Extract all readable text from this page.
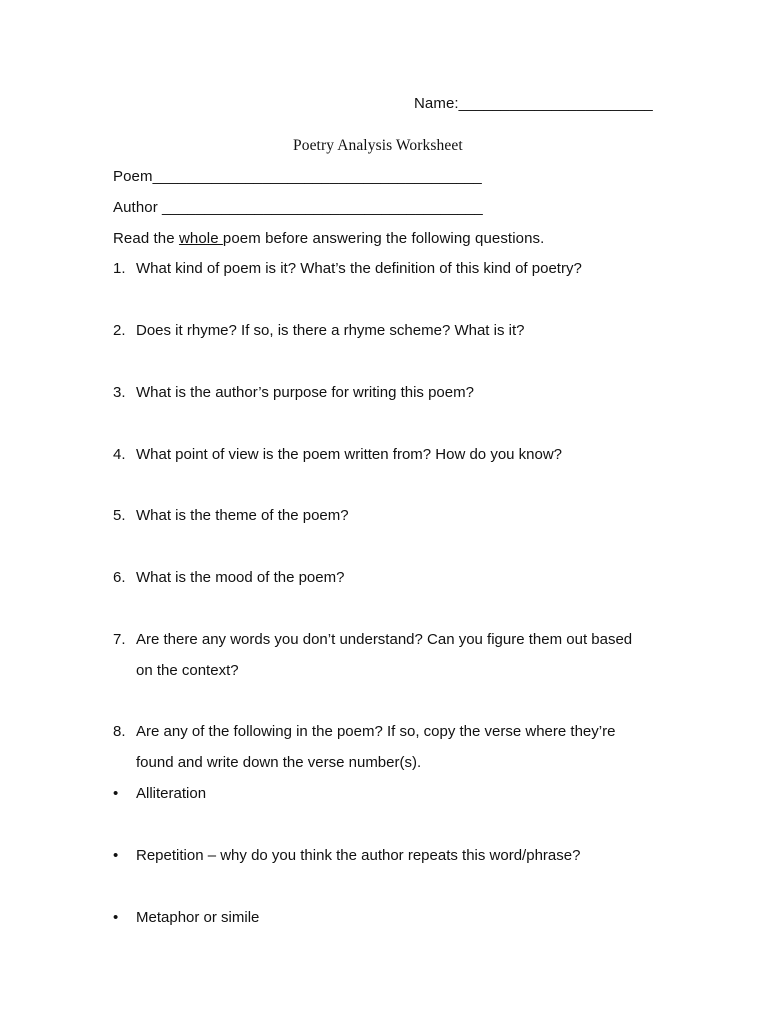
Name:_______________________
Poetry Analysis Worksheet
Poem_______________________________________
Author ______________________________________
Read the whole poem before answering the following questions.
1. What kind of poem is it? What’s the definition of this kind of poetry?
2. Does it rhyme? If so, is there a rhyme scheme? What is it?
3. What is the author’s purpose for writing this poem?
4. What point of view is the poem written from? How do you know?
5. What is the theme of the poem?
6. What is the mood of the poem?
7. Are there any words you don’t understand? Can you figure them out based
on the context?
8. Are any of the following in the poem? If so, copy the verse where they’re
found and write down the verse number(s).
• Alliteration
• Repetition – why do you think the author repeats this word/phrase?
• Metaphor or simile
